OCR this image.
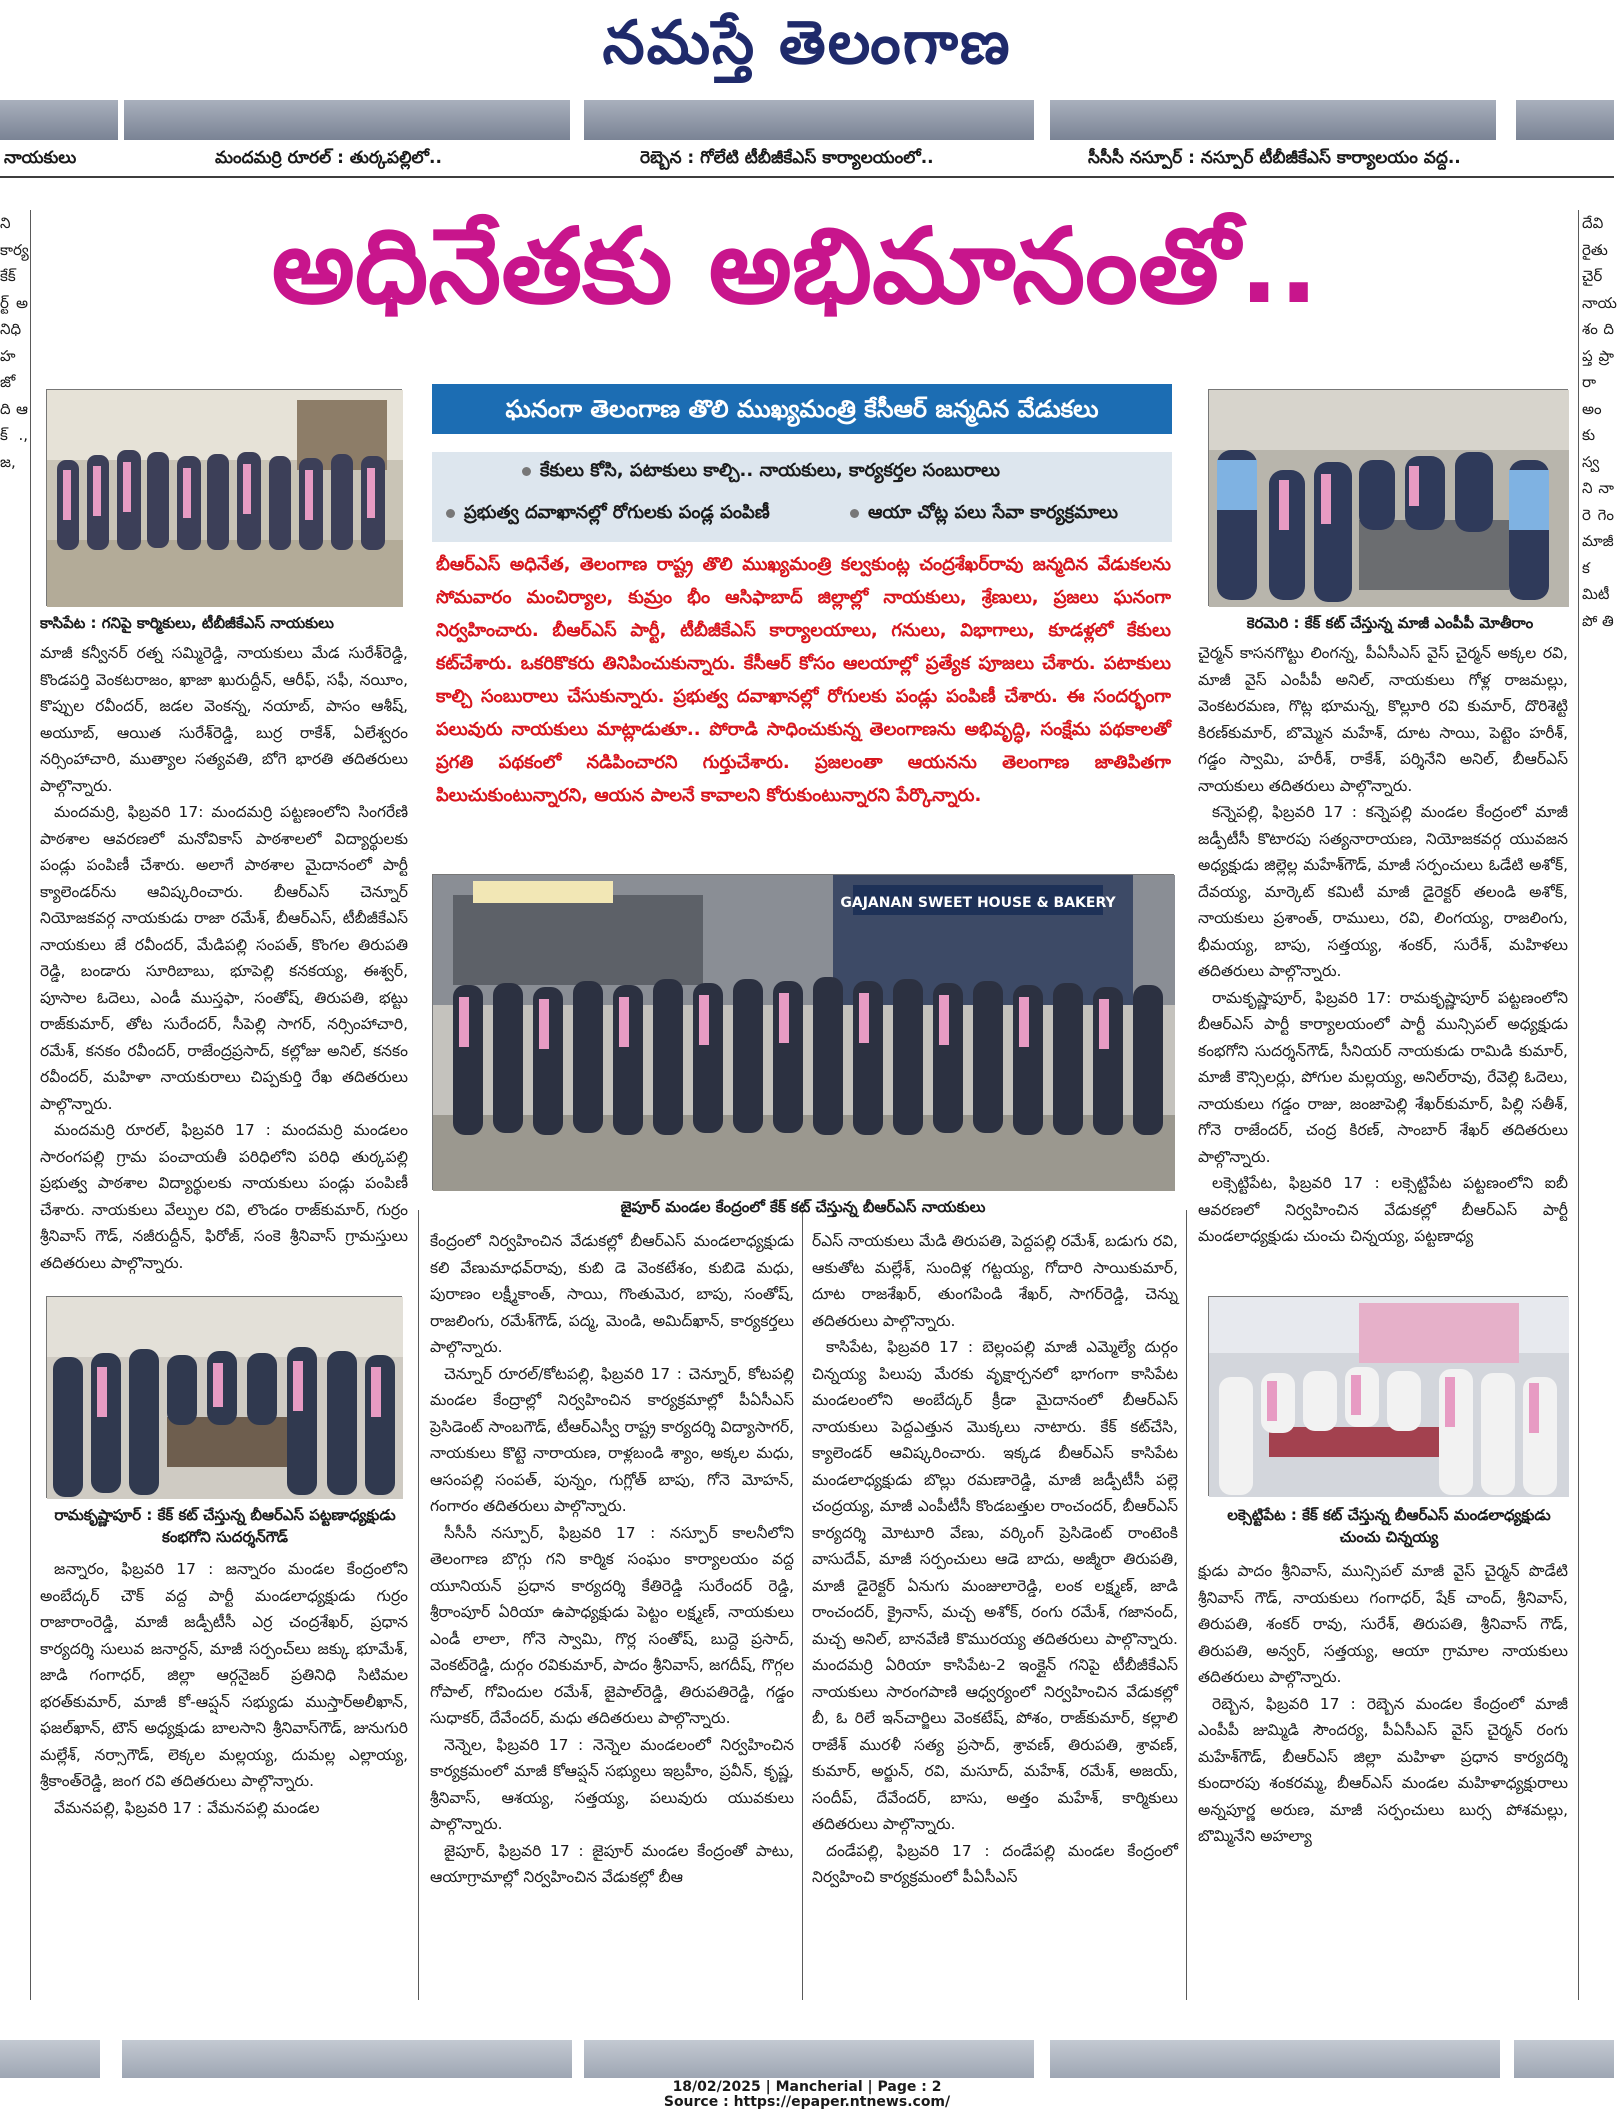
నమస్తే తెలంగాణ
నాయకులు	మందమర్రి రూరల్ : తుర్కపల్లిలో..	రెబ్బెన : గోలేటి టీబీజీకేఎస్ కార్యాలయంలో..	సీసీసీ నస్పూర్ : నస్పూర్ టీబీజీకేఎస్ కార్యాలయం వద్ద..
అధినేతకు అభిమానంతో..
ని కార్య కేక్ ర్ట్ అ నిధి హ జో ది ఆ క్ ., జ,
దేవి రైతు చైర్ నాయ శం ది ప్త ప్రా రా అం కు స్వ ని నా రె గెం మాజీ కమిటీ పో తి
కాసిపేట : గనిపై కార్మికులు, టీబీజీకేఎస్ నాయకులు
ఘనంగా తెలంగాణ తొలి ముఖ్యమంత్రి కేసీఆర్ జన్మదిన వేడుకలు
కేకులు కోసి, పటాకులు కాల్చి.. నాయకులు, కార్యకర్తల సంబురాలు
ప్రభుత్వ దవాఖానల్లో రోగులకు పండ్ల పంపిణీ	ఆయా చోట్ల పలు సేవా కార్యక్రమాలు
బీఆర్ఎస్ అధినేత, తెలంగాణ రాష్ట్ర తొలి ముఖ్యమంత్రి కల్వకుంట్ల చంద్రశేఖర్‌రావు జన్మదిన వేడుకలను సోమవారం మంచిర్యాల, కుమ్రం భీం ఆసిఫాబాద్ జిల్లాల్లో నాయకులు, శ్రేణులు, ప్రజలు ఘనంగా నిర్వహించారు. బీఆర్ఎస్ పార్టీ, టీబీజీకేఎస్ కార్యాలయాలు, గనులు, విభాగాలు, కూడళ్లలో కేకులు కట్‌చేశారు. ఒకరికొకరు తినిపించుకున్నారు. కేసీఆర్ కోసం ఆలయాల్లో ప్రత్యేక పూజలు చేశారు. పటాకులు కాల్చి సంబురాలు చేసుకున్నారు. ప్రభుత్వ దవాఖానల్లో రోగులకు పండ్లు పంపిణీ చేశారు. ఈ సందర్భంగా పలువురు నాయకులు మాట్లాడుతూ.. పోరాడి సాధించుకున్న తెలంగాణను అభివృద్ధి, సంక్షేమ పథకాలతో ప్రగతి పథకంలో నడిపించారని గుర్తుచేశారు. ప్రజలంతా ఆయనను తెలంగాణ జాతిపితగా పిలుచుకుంటున్నారని, ఆయన పాలనే కావాలని కోరుకుంటున్నారని పేర్కొన్నారు.
కెరమెరి : కేక్ కట్ చేస్తున్న మాజీ ఎంపీపీ మోతీరాం
GAJANAN SWEET HOUSE & BAKERY
జైపూర్ మండల కేంద్రంలో కేక్ కట్ చేస్తున్న బీఆర్ఎస్ నాయకులు

మాజీ కన్వీనర్ రత్న సమ్మిరెడ్డి, నాయకులు మేడ సురేశ్‌రెడ్డి, కొండపర్తి వెంకటరాజం, ఖాజా ఖురుద్దీన్, ఆరీఫ్, సఫీ, నయీం, కొప్పుల రవీందర్, జడల వెంకన్న, నయాబ్, పాసం ఆశీష్, అయూబ్, ఆయిత సురేశ్‌రెడ్డి, బుర్ర రాకేశ్, ఏలేశ్వరం నర్సింహాచారి, ముత్యాల సత్యవతి, బోగె భారతి తదితరులు పాల్గొన్నారు.

మందమర్రి, ఫిబ్రవరి 17: మందమర్రి పట్టణంలోని సింగరేణి పాఠశాల ఆవరణలో మనోవికాస్ పాఠశాలలో విద్యార్థులకు పండ్లు పంపిణీ చేశారు. అలాగే పాఠశాల మైదానంలో పార్టీ క్యాలెండర్‌ను ఆవిష్కరించారు. బీఆర్ఎస్ చెన్నూర్ నియోజకవర్గ నాయకుడు రాజా రమేశ్, బీఆర్ఎస్, టీబీజీకేఎస్ నాయకులు జే రవీందర్, మేడిపల్లి సంపత్, కొంగల తిరుపతి రెడ్డి, బండారు సూరిబాబు, భూపెల్లి కనకయ్య, ఈశ్వర్, పూసాల ఓదెలు, ఎండీ ముస్తఫా, సంతోష్, తిరుపతి, భట్టు రాజ్‌కుమార్, తోట సురేందర్, సీపెల్లి సాగర్, నర్సింహాచారి, రమేశ్, కనకం రవీందర్, రాజేంద్రప్రసాద్, కల్లోజు అనిల్, కనకం రవీందర్, మహిళా నాయకురాలు చిప్పకుర్తి రేఖ తదితరులు పాల్గొన్నారు.

మందమర్రి రూరల్, ఫిబ్రవరి 17 : మందమర్రి మండలం సారంగపల్లి గ్రామ పంచాయతీ పరిధిలోని పరిధి తుర్కపల్లి ప్రభుత్వ పాఠశాల విద్యార్థులకు నాయకులు పండ్లు పంపిణీ చేశారు. నాయకులు వేల్పుల రవి, లొండం రాజ్‌కుమార్, గుర్రం శ్రీనివాస్ గౌడ్, నజీరుద్దీన్, ఫిరోజ్, సంకె శ్రీనివాస్ గ్రామస్తులు తదితరులు పాల్గొన్నారు.

రామకృష్ణాపూర్ : కేక్ కట్ చేస్తున్న బీఆర్ఎస్ పట్టణాధ్యక్షుడు కంభగోని సుదర్శన్‌గౌడ్

జన్నారం, ఫిబ్రవరి 17 : జన్నారం మండల కేంద్రంలోని అంబేద్కర్ చౌక్ వద్ద పార్టీ మండలాధ్యక్షుడు గుర్రం రాజారాంరెడ్డి, మాజీ జడ్పీటీసీ ఎర్ర చంద్రశేఖర్, ప్రధాన కార్యదర్శి సులువ జనార్దన్, మాజీ సర్పంచ్‌లు జక్కు భూమేశ్, జాడి గంగాధర్, జిల్లా ఆర్గనైజర్ ప్రతినిధి సిటిమల భరత్‌కుమార్, మాజీ కో-ఆప్షన్ సభ్యుడు ముస్తార్అలీఖాన్, ఫజల్‌ఖాన్, టౌన్ అధ్యక్షుడు బాలసాని శ్రీనివాస్‌గౌడ్, జునుగురి మల్లేశ్, నర్సాగౌడ్, లెక్కల మల్లయ్య, దుమల్ల ఎల్లాయ్య, శ్రీకాంత్‌రెడ్డి, జంగ రవి తదితరులు పాల్గొన్నారు.

వేమనపల్లి, ఫిబ్రవరి 17 : వేమనపల్లి మండల

కేంద్రంలో నిర్వహించిన వేడుకల్లో బీఆర్ఎస్ మండలాధ్యక్షుడు కలి వేణుమాధవ్‌రావు, కుబి డె వెంకటేశం, కుబిడె మధు, పురాణం లక్ష్మీకాంత్, సాయి, గొంతుమెర, బాపు, సంతోష్, రాజలింగు, రమేశ్‌గౌడ్, పద్మ, మెండి, అమిద్‌ఖాన్, కార్యకర్తలు పాల్గొన్నారు.

చెన్నూర్ రూరల్/కోటపల్లి, ఫిబ్రవరి 17 : చెన్నూర్, కోటపల్లి మండల కేంద్రాల్లో నిర్వహించిన కార్యక్రమాల్లో పీఏసీఎస్ ప్రెసిడెంట్ సాంబగౌడ్, టీఆర్ఎస్వీ రాష్ట్ర కార్యదర్శి విద్యాసాగర్, నాయకులు కొట్టె నారాయణ, రాళ్లబండి శ్యాం, అక్కల మధు, ఆసంపల్లి సంపత్, పున్నం, గుగ్లోత్ బాపు, గోనె మోహన్, గంగారం తదితరులు పాల్గొన్నారు.

సీసీసీ నస్పూర్, ఫిబ్రవరి 17 : నస్పూర్ కాలనీలోని తెలంగాణ బొగ్గు గని కార్మిక సంఘం కార్యాలయం వద్ద యూనియన్ ప్రధాన కార్యదర్శి కేతిరెడ్డి సురేందర్ రెడ్డి, శ్రీరాంపూర్ ఏరియా ఉపాధ్యక్షుడు పెట్టం లక్ష్మణ్, నాయకులు ఎండీ లాలా, గోనె స్వామి, గొర్ల సంతోష్, బుద్దె ప్రసాద్, వెంకట్‌రెడ్డి, దుర్గం రవికుమార్, పాదం శ్రీనివాస్, జగదీష్, గొగ్గల గోపాల్, గోవిందుల రమేశ్, జైపాల్‌రెడ్డి, తిరుపతిరెడ్డి, గడ్డం సుధాకర్, దేవేందర్, మధు తదితరులు పాల్గొన్నారు.

నెన్నెల, ఫిబ్రవరి 17 : నెన్నెల మండలంలో నిర్వహించిన కార్యక్రమంలో మాజీ కోఆప్షన్ సభ్యులు ఇబ్రహీం, ప్రవీన్, కృష్ణ, శ్రీనివాస్, ఆశయ్య, సత్తయ్య, పలువురు యువకులు పాల్గొన్నారు.

జైపూర్, ఫిబ్రవరి 17 : జైపూర్ మండల కేంద్రంతో పాటు, ఆయాగ్రామాల్లో నిర్వహించిన వేడుకల్లో బీఆ

ర్ఎస్ నాయకులు మేడి తిరుపతి, పెద్దపల్లి రమేశ్, బడుగు రవి, ఆకుతోట మల్లేశ్, సుందిళ్ల గట్టయ్య, గోదారి సాయికుమార్, దూట రాజశేఖర్, తుంగపిండి శేఖర్, సాగర్‌రెడ్డి, చెన్ను తదితరులు పాల్గొన్నారు.

కాసిపేట, ఫిబ్రవరి 17 : బెల్లంపల్లి మాజీ ఎమ్మెల్యే దుర్గం చిన్నయ్య పిలుపు మేరకు వృక్షార్చనలో భాగంగా కాసిపేట మండలంలోని అంబేద్కర్ క్రీడా మైదానంలో బీఆర్ఎస్ నాయకులు పెద్దఎత్తున మొక్కలు నాటారు. కేక్ కట్‌చేసి, క్యాలెండర్ ఆవిష్కరించారు. ఇక్కడ బీఆర్ఎస్ కాసిపేట మండలాధ్యక్షుడు బొల్లు రమణారెడ్డి, మాజీ జడ్పీటీసీ పల్లె చంద్రయ్య, మాజీ ఎంపీటీసీ కొండబత్తుల రాంచందర్, బీఆర్ఎస్ కార్యదర్శి మోటూరి వేణు, వర్కింగ్ ప్రెసిడెంట్ రాంటెంకి వాసుదేవ్, మాజీ సర్పంచులు ఆడె బాదు, అజ్మీరా తిరుపతి, మాజీ డైరెక్టర్ ఏనుగు మంజులారెడ్డి, లంక లక్ష్మణ్, జాడి రాంచందర్, క్రైనాస్, మచ్చ అశోక్, రంగు రమేశ్, గజానంద్, మచ్చ అనిల్, బానవేణి కొమురయ్య తదితరులు పాల్గొన్నారు. మందమర్రి ఏరియా కాసిపేట-2 ఇంక్లైన్ గనిపై టీబీజీకేఎస్ నాయకులు సారంగపాణి ఆధ్వర్యంలో నిర్వహించిన వేడుకల్లో బీ, ఓ రిలే ఇన్‌చార్జిలు వెంకటేష్, పోశం, రాజ్‌కుమార్, కల్లాలి రాజేశ్ మురళీ సత్య ప్రసాద్, శ్రావణ్, తిరుపతి, శ్రావణ్, కుమార్, అర్జున్, రవి, మసూద్, మహేశ్, రమేశ్, అజయ్, సందీప్, దేవేందర్, బాసు, అత్తం మహేశ్, కార్మికులు తదితరులు పాల్గొన్నారు.

దండేపల్లి, ఫిబ్రవరి 17 : దండేపల్లి మండల కేంద్రంలో నిర్వహించి కార్యక్రమంలో పీఏసీఎస్

చైర్మన్ కాసనగొట్టు లింగన్న, పీఏసీఎస్ వైస్ చైర్మన్ అక్కల రవి, మాజీ వైస్ ఎంపీపీ అనిల్, నాయకులు గోళ్ల రాజమల్లు, వెంకటరమణ, గొట్ల భూమన్న, కొల్లూరి రవి కుమార్, దొరిశెట్టి కిరణ్‌కుమార్, బొమ్మెన మహేశ్, దూట సాయి, పెట్టెం హరీశ్, గడ్డం స్వామి, హరీశ్, రాకేశ్, పర్శినేని అనిల్, బీఆర్ఎస్ నాయకులు తదితరులు పాల్గొన్నారు.

కన్నెపల్లి, ఫిబ్రవరి 17 : కన్నెపల్లి మండల కేంద్రంలో మాజీ జడ్పీటీసీ కొటారపు సత్యనారాయణ, నియోజకవర్గ యువజన అధ్యక్షుడు జిల్లెల్ల మహేశ్‌గౌడ్, మాజీ సర్పంచులు ఓడేటి అశోక్, దేవయ్య, మార్కెట్ కమిటీ మాజీ డైరెక్టర్ తలండి అశోక్, నాయకులు ప్రశాంత్, రాములు, రవి, లింగయ్య, రాజలింగు, భీమయ్య, బాపు, సత్తయ్య, శంకర్, సురేశ్, మహిళలు తదితరులు పాల్గొన్నారు.

రామకృష్ణాపూర్, ఫిబ్రవరి 17: రామకృష్ణాపూర్ పట్టణంలోని బీఆర్ఎస్ పార్టీ కార్యాలయంలో పార్టీ మున్సిపల్ అధ్యక్షుడు కంభగోని సుదర్శన్‌గౌడ్, సీనియర్ నాయకుడు రామిడి కుమార్, మాజీ కౌన్సిలర్లు, పోగుల మల్లయ్య, అనిల్‌రావు, రేవెల్లి ఓదెలు, నాయకులు గడ్డం రాజు, జంజాపెల్లి శేఖర్‌కుమార్, పిల్లి సతీశ్, గోనె రాజేందర్, చంద్ర కిరణ్, సాంబార్ శేఖర్ తదితరులు పాల్గొన్నారు.

లక్సెట్టిపేట, ఫిబ్రవరి 17 : లక్సెట్టిపేట పట్టణంలోని ఐబీ ఆవరణలో నిర్వహించిన వేడుకల్లో బీఆర్ఎస్ పార్టీ మండలాధ్యక్షుడు చుంచు చిన్నయ్య, పట్టణాధ్య

లక్సెట్టిపేట : కేక్ కట్ చేస్తున్న బీఆర్ఎస్ మండలాధ్యక్షుడు చుంచు చిన్నయ్య

క్షుడు పాదం శ్రీనివాస్, మున్సిపల్ మాజీ వైస్ చైర్మన్ పొడేటి శ్రీనివాస్ గౌడ్, నాయకులు గంగాధర్, షేక్ చాంద్, శ్రీనివాస్, తిరుపతి, శంకర్ రావు, సురేశ్, తిరుపతి, శ్రీనివాస్ గౌడ్, తిరుపతి, అన్వర్, సత్తయ్య, ఆయా గ్రామాల నాయకులు తదితరులు పాల్గొన్నారు.

రెబ్బెన, ఫిబ్రవరి 17 : రెబ్బెన మండల కేంద్రంలో మాజీ ఎంపీపీ జుమ్మిడి సౌందర్య, పీఏసీఎస్ వైస్ చైర్మన్ రంగు మహేశ్‌గౌడ్, బీఆర్ఎస్ జిల్లా మహిళా ప్రధాన కార్యదర్శి కుందారపు శంకరమ్మ, బీఆర్ఎస్ మండల మహిళాధ్యక్షురాలు అన్నపూర్ణ అరుణ, మాజీ సర్పంచులు బుర్స పోశమల్లు, బొమ్మినేని అహల్యా

18/02/2025 | Mancherial | Page : 2
Source : https://epaper.ntnews.com/
